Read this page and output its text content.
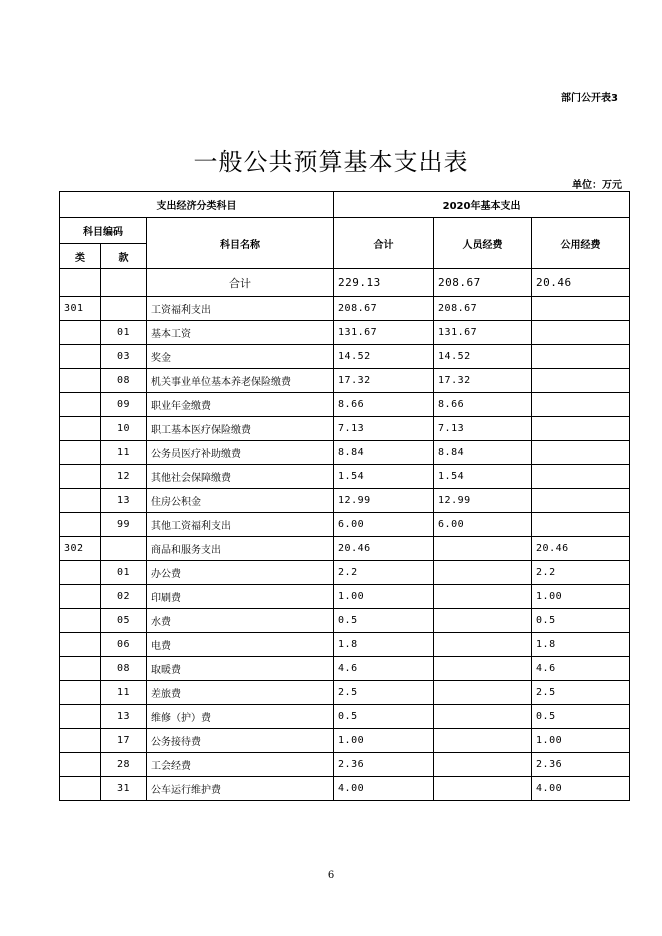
部门公开表3
一般公共预算基本支出表
单位：万元
支出经济分类科目			2020年基本支出		
科目编码		科目名称	合计	人员经费	公用经费
类	款				
		合计	229.13	208.67	20.46
301		工资福利支出	208.67	208.67	
	01	基本工资	131.67	131.67	
	03	奖金	14.52	14.52	
	08	机关事业单位基本养老保险缴费	17.32	17.32	
	09	职业年金缴费	8.66	8.66	
	10	职工基本医疗保险缴费	7.13	7.13	
	11	公务员医疗补助缴费	8.84	8.84	
	12	其他社会保障缴费	1.54	1.54	
	13	住房公积金	12.99	12.99	
	99	其他工资福利支出	6.00	6.00	
302		商品和服务支出	20.46		20.46
	01	办公费	2.2		2.2
	02	印刷费	1.00		1.00
	05	水费	0.5		0.5
	06	电费	1.8		1.8
	08	取暖费	4.6		4.6
	11	差旅费	2.5		2.5
	13	维修（护）费	0.5		0.5
	17	公务接待费	1.00		1.00
	28	工会经费	2.36		2.36
	31	公车运行维护费	4.00		4.00
6
